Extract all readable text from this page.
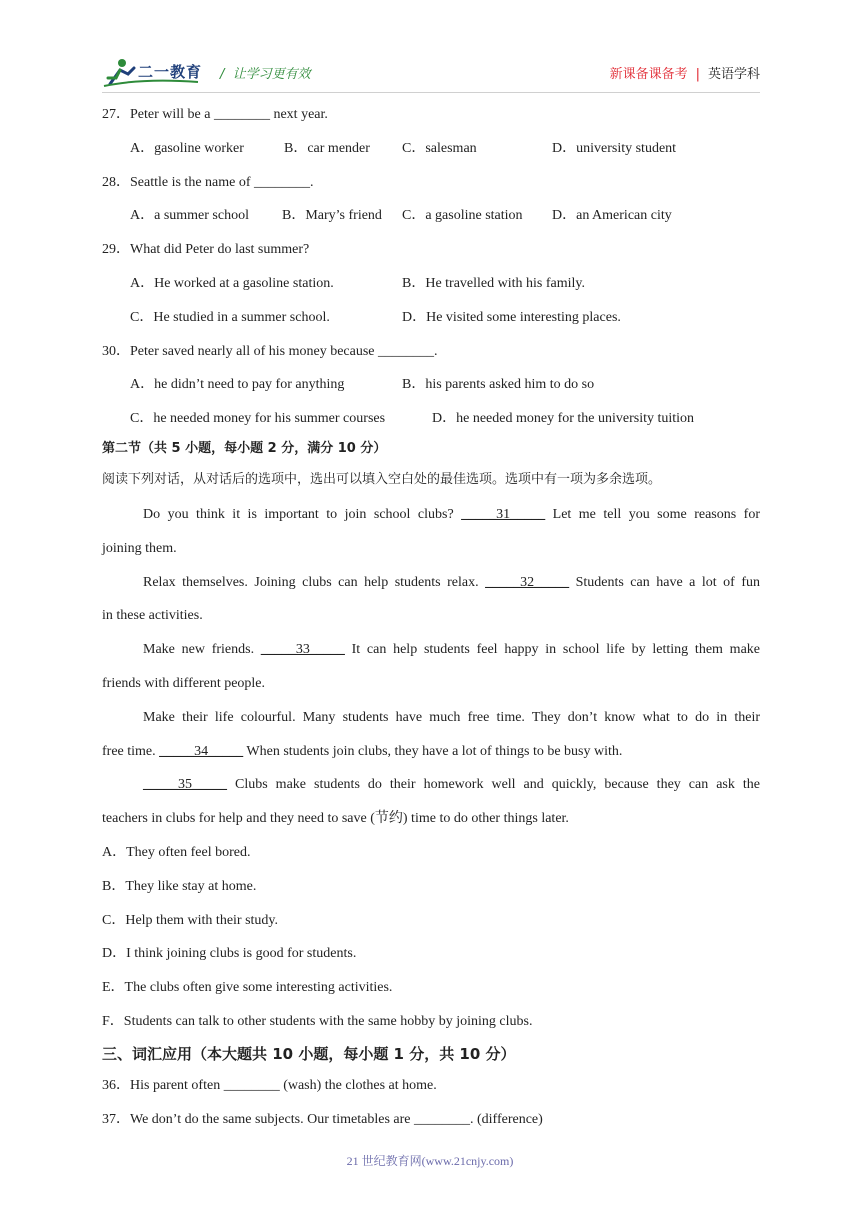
二一教育 /  让学习更有效	新课备课备考 | 英语学科
27．Peter will be a ________ next year.
A．gasoline worker	B．car mender C．salesman	D．university student
28．Seattle is the name of ________.
A．a summer school B．Mary’s friend C．a gasoline station D．an American city
29．What did Peter do last summer?
A．He worked at a gasoline station.	B．He travelled with his family.
C．He studied in a summer school.	D．He visited some interesting places.
30．Peter saved nearly all of his money because ________.
A．he didn’t need to pay for anything	B．his parents asked him to do so
C．he needed money for his summer courses	D．he needed money for the university tuition
第二节（共 5 小题，每小题 2 分，满分 10 分）
阅读下列对话，从对话后的选项中，选出可以填入空白处的最佳选项。选项中有一项为多余选项。
Do you think it is important to join school clubs? _____31_____ Let me tell you some reasons for
joining them.
Relax themselves. Joining clubs can help students relax. _____32_____ Students can have a lot of fun
in these activities.
Make new friends. _____33_____ It can help students feel happy in school life by letting them make
friends with different people.
Make their life colourful. Many students have much free time. They don’t know what to do in their
free time. _____34_____ When students join clubs, they have a lot of things to be busy with.
_____35_____ Clubs make students do their homework well and quickly, because they can ask the
teachers in clubs for help and they need to save (节约) time to do other things later.
A．They often feel bored.
B．They like stay at home.
C．Help them with their study.
D．I think joining clubs is good for students.
E．The clubs often give some interesting activities.
F．Students can talk to other students with the same hobby by joining clubs.
三、词汇应用（本大题共 10 小题，每小题 1 分，共 10 分）
36．His parent often ________ (wash) the clothes at home.
37．We don’t do the same subjects. Our timetables are ________. (difference)
21 世纪教育网(www.21cnjy.com)
